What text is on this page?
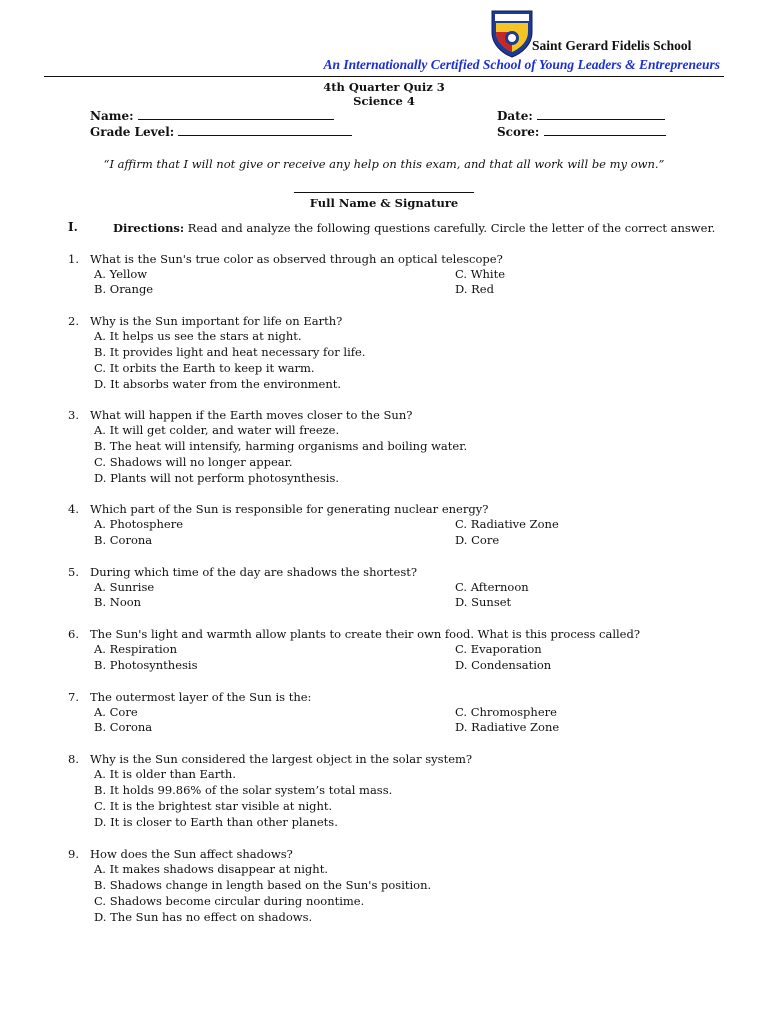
Saint Gerard Fidelis School
An Internationally Certified School of Young Leaders & Entrepreneurs
4th Quarter Quiz 3
Science 4
Name:
Grade Level:
Date:
Score:
“I affirm that I will not give or receive any help on this exam, and that all work will be my own.”
Full Name & Signature
I.	Directions: Read and analyze the following questions carefully. Circle the letter of the correct answer.
1. What is the Sun's true color as observed through an optical telescope?
A. Yellow	C. White
B. Orange	D. Red
2. Why is the Sun important for life on Earth?
A. It helps us see the stars at night.
B. It provides light and heat necessary for life.
C. It orbits the Earth to keep it warm.
D. It absorbs water from the environment.
3. What will happen if the Earth moves closer to the Sun?
A. It will get colder, and water will freeze.
B. The heat will intensify, harming organisms and boiling water.
C. Shadows will no longer appear.
D. Plants will not perform photosynthesis.
4. Which part of the Sun is responsible for generating nuclear energy?
A. Photosphere	C. Radiative Zone
B. Corona	D. Core
5. During which time of the day are shadows the shortest?
A. Sunrise	C. Afternoon
B. Noon	D. Sunset
6. The Sun's light and warmth allow plants to create their own food. What is this process called?
A. Respiration	C. Evaporation
B. Photosynthesis	D. Condensation
7. The outermost layer of the Sun is the:
A. Core	C. Chromosphere
B. Corona	D. Radiative Zone
8. Why is the Sun considered the largest object in the solar system?
A. It is older than Earth.
B. It holds 99.86% of the solar system’s total mass.
C. It is the brightest star visible at night.
D. It is closer to Earth than other planets.
9. How does the Sun affect shadows?
A. It makes shadows disappear at night.
B. Shadows change in length based on the Sun's position.
C. Shadows become circular during noontime.
D. The Sun has no effect on shadows.
